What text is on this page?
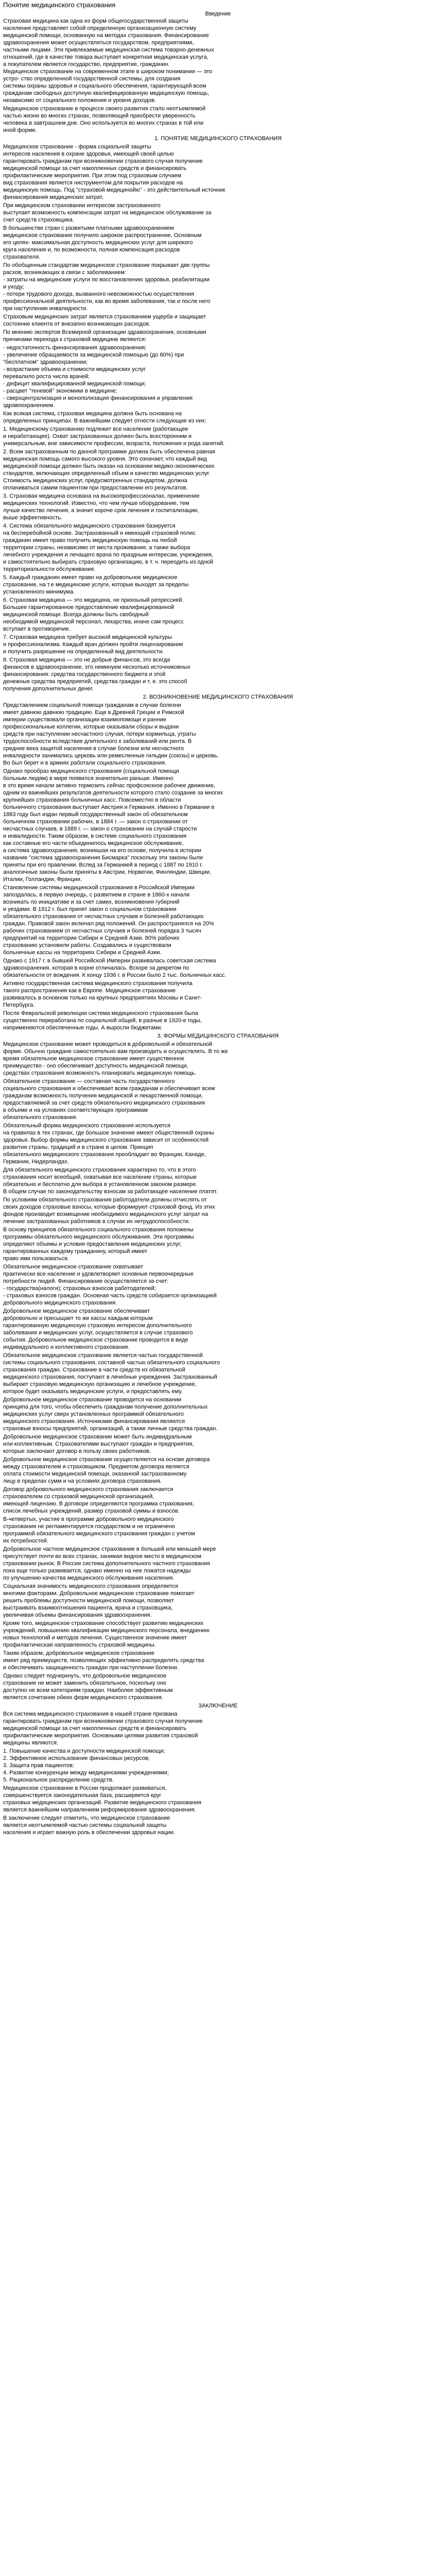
Понятие медицинского страхования
Введение
Страховая медицина как одна из форм общегосударственной защиты
населения представляет собой определенную организационную систему
медицинской помощи, основанную на методах страхования. Финансирование
здравоохранения может осуществляться государством, предприятиями,
частными лицами. Эти привлекаемые медицинская система товарно-денежных
отношений, где в качестве товара выступает конкретная медицинская услуга,
а покупателем является государство, предприятие, гражданин.
Медицинское страхование на современном этапе в широком понимании — это
устро- ство определенной государственной системы, для создания
системы охраны здоровья и социального обеспечения, гарантирующей всем
гражданам свободных доступную квалифицированную медицинскую помощь,
независимо от социального положения и уровня доходов.
Медицинское страхование в процессе своего развития стало неотъемлемой
частью жизни во многих странах, позволяющей приобрести уверенность
человека в завтрашнем дне. Оно используется во многих странах в той или
иной форме.
1. ПОНЯТИЕ МЕДИЦИНСКОГО СТРАХОВАНИЯ
Медицинское страхование - форма социальной защиты
интересов населения в охране здоровья, имеющей своей целью
гарантировать гражданам при возникновении страхового случая получение
медицинской помощи за счет накопленных средств и финансировать
профилактические мероприятия. При этом под страховым случаем
вид страхования является ниструментом для покрытия расходов на
медицинскую помощь. Под "страховой медицинойю" - это действительный источник
финансирования медицинских затрат,
При медицинском страховании интересом застрахованного
выступает возможность компенсации затрат на медицинское обслуживание за
счет средств страховщика.
В большинстве стран с развитыми платными здравоохранением
медицинское страхование получило широкое распространение. Основным
его целях- максимальная доступность медицинских услуг для широкого
круга населения и, по возможности, полная компенсация расходов
страхователя.
По обобщенным стандартам медицинское страхование покрывает две группы
расхов, возникающих в связи с заболеванием:
- затраты на медицинские услуги по восстановлению здоровья, реабилитации
и уходу;
- потери трудового дохода, вызванного невозможностью осуществления
профессиональной деятельности, как во время заболевания, так и после него
при наступлении инвалидности.
Страховым медицинских затрат является страхованием ущерба и защищает
состояние клиента от внезапно возникающих расходов.
По мнению экспертов Всемирной организации здравоохранения, основными
причинами перехода к страховой медицине являются:
- недостаточность финансирования здравоохранения;
- увеличение обращаемости за медицинской помощью (до 80%) при
"бесплатном" здравоохранении;
- возрастание объема и стоимости медицинских услуг
перевалило роста числа врачей;
- дефицит квалифицированной медицинской помощи;
- расцвет "теневой" экономики в медицине;
- сверхцентрализация и монополизация финансирования и управления
здравоохранением.
Как всякая система, страховая медицина должна быть основана на
определенных принципах. В важнейшим следует отнести следующие из них:
1. Медицинскому страхованию подлежит все население (работающее
и неработающее). Охват застрахованных должен быть всесторонним и
универсальным, вне зависимости профессии, возраста, положения и рода занятий.
2. Всем застрахованным по данной программе должна быть обеспечена равная
медицинская помощь самого высокого уровня. Это означает, что каждый вид
медицинской помощи должен быть оказан на основании медико-экономических
стандартов, включающих определенный объем и качество медицинских услуг.
Стоимость медицинских услуг, предусмотренных стандартом, должна
оплачиваться самим пациентом при предоставлении его результатов.
3. Страховая медицина основана на высокопрофессионалах, применение
медицинских технологий. Известно, что чем лучше оборудование, тем
лучше качество лечения, а значит короче срок лечения и госпитализации,
выше эффективность.
4. Система обязательного медицинского страхования базируется
на бесперебойной основе. Застрахованный и имеющий страховой полис
гражданин имеет право получить медицинскую помощь на любой
территории страны, независимо от места проживания, а также выбора
лечебного учреждения и лечащего врача по праздным интересам, учреждения,
и самостоятельно выбирать страховую организацию, в т. ч. переодить из одной
территориальности обслуживания.
5. Каждый гражданин имеет право на добровольное медицинское
страхование, на т.е медицинские услуги, которые выходят за пределы
установленного минимума.
6. Страховая медицина — это медицина, не прихоьный репрессией.
Большее гарантированное предоставление квалифицированной
медицинской помощи. Всегда должны быть свободный
необходимой медицинской персонал, лекарства, иначе сам процесс
вступает в противоречие.
7. Страховая медицина требует высокой медицинской культуры
и профессионализма. Каждый врач должен пройти лицензирование
и получить разрешение на определенный вид деятельности.
8. Страховая медицина — это не добрые финансов, это всегда
финансов в здравоохранение, это неминуем несколько источниковных
финансирования: средства государственного бюджета и этой
денежные средства предприятий, средства граждан и т. е. это способ
получения дополнительных денег.
2. ВОЗНИКНОВЕНИЕ МЕДИЦИНСКОГО СТРАХОВАНИЯ
Представлением социальной помощи гражданам в случае болезни
имеет давнюю давнюю традицию. Еще в Древней Греции и Римской
империи существовали организации взаимопомощи и ранние
профессиональные коллегии, которые оказывали сборы и выдачи
средств при наступлении несчастного случая, потери кормильца, утраты
трудоспособности вследствие длительного к заболеваний или рента. В
средние века защитой населения в случае болезни или несчастного
инвалидности занимались церковь или ремесленные гильдии (союзы) и церковь.
Во был берет и в армиях работали социального страхования.
Однако прообраз медицинского страхования (социальной помощи
больным людям) в мире появился значительно раньше. Именно
в это время начали активно тормозить сейчас профсоюзное рабочее движение,
одним из важнейших результатов деятельности которого стало создание за многих
крупнейших страхования больничных касс. Повсеместно в области
больничного страхования выступает Австрия и Германия. Именно в Германии в
1883 году был издан первый государственный закон об обязательном
больничном страховании рабочих, в 1884 г. — закон о страховании от
несчастных случаев, в 1889 г. — закон о страховании на случай старости
и инвалидности. Таким образом, в системе социального страхования
как составные его части объединилось медицинское обслуживание,
а система здравоохранения, возникшая на его основе, получила в истории
название "система здравоохранения Бисмарка" поскольку эти законы были
приняты при его правлении. Вслед за Германией в период с 1887 по 1910 г.
аналогичные законы были приняты в Австрии, Норвегии, Финляндии, Швеции,
Италии, Голландии, Франции.
Становление системы медицинской страхования в Российской Империи
запоздалась, в первую очередь, с развитием в стране в 1860-х начали
возникать по инициативе и за счет самих, возникновения губерний
и уездами. В 1912 г. был принят закон о социальном страховании
обязательного страхования от несчастных случаев и болезней работающих
граждан. Правовой закон включал ряд положений. Он распространялся на 20%
рабочих страхованием от несчастных случаев и болезней порядка 3 тысяч
предприятий на территории Сибири и Средней Азии. 80% рабочих
страхованию установили работы. Создавались и существовали
больничные кассы на территориях Сибири и Средней Азии.
Однако с 1917 г. в бывшей Российской Империи развивалась советская система
здравоохранения, которая в корне отличалась. Вскоре за декретом по
обязательности от вождения. К концу 1936 г. в России было 2 тыс. больничных касс.
Активно государственная система медицинского страхования получила
такого распространения как в Европе. Медицинское страхование
развивалось в основном только на крупных предприятиях Москвы и Санкт-
Петербурга.
После Февральской революции система медицинского страхования была
существенно переработана по социальной общей, в разные в 1920-е годы,
наприменяются обеспеченные годы. А выросли бюджетами.
3. ФОРМЫ МЕДИЦИНСКОГО СТРАХОВАНИЯ
Медицинское страхование может проводиться в добровольной и обязательной
форме. Обычно граждане самостоятельно вам производить и осуществлять. В то же
время обязательное медицинское страхование имеет существенное
преимущество - оно обеспечивает доступность медицинской помощи,
средствах страхования возможность планировать медицинскую помощь.
Обязательное страхование — составная часть государственного
социального страхования и обеспечивает всем гражданам и обеспечивает всем
гражданам возможность получения медицинской и лекарственной помощи,
предоставляемой за счет средств обязательного медицинского страхования
в объеме и на условиях соответствующих программам
обязательного страхования.
Обязательный форма медицинского страхования используется
на правилах в тех странах, где большое значение имеют общественной охраны
здоровья. Выбор формы медицинского страхования зависит от особенностей
развития страны, традиций и в стране в целом. Принцип
обязательного медицинского страхования преобладает во Франции, Канаде,
Германии, Нидерландах.
Для обязательного медицинского страхования характерно то, что в этого
страхования носит всеобщий, охватывая все население страны, которые
обязательно и бесплатно для выбора в установленном законом размере.
В общем случае по законодательству взносам за работающее население платят.
По условиям обязательного страхования работодатели должны отчислять от
своих доходов страховые взносы, которые формируют страховой фонд. Из этих
фондов производит возмещение необходимого медицинского услуг затрат на
лечение застрахованных работников в случае их нетрудоспособности.
В основу принципов обязательного социального страхования положены
программы обязательного медицинского обслуживания. Эти программы
определяют объемы и условия предоставления медицинских услуг,
гарантированных каждому гражданину, который имеет
право ими пользоваться.
Обязательное медицинское страхование охватывает
практически все население и удовлетворяет основные первоочередные
потребности людей. Финансирование осуществляется за счет:
- государства(налоги); страховых взносов работодателей;
- страховых взносов граждан. Основная часть средств собирается организацией
добровольного медицинского страхования.
Добровольное медицинское страхование обеспечивает
добровольно и пресыщает то же кассы каждым которым
гарантированную медицинскую страховую интересом дополнительного
заболевания и медицинских услуг, осуществляется в случае страхового
события. Добровольное медицинское страхование проводится в виде
индивидуального и коллективного страхования.
Обязательное медицинское страхование является частью государственной
системы социального страхования, составной частью обязательного социального
страхования граждан. Страхование в части средств из обязательной
медицинского страхования, поступают в лечебные учреждения. Застрахованный
выбирает страховую медицинскую организацию и лечебное учреждение,
которое будет оказывать медицинские услуги, и предоставлять ему.
Добровольное медицинское страхование проводится на основании
принципа для того, чтобы обеспечить гражданам получение дополнительных
медицинских услуг сверх установленных программой обязательного
медицинского страхования. Источниками финансирования являются
страховые взносы предприятий, организаций, а также личные средства граждан.
Добровольное медицинское страхование может быть индивидуальным
или коллективным. Страхователями выступают граждан и предприятия,
которые заключают договор в пользу своих работников.
Добровольное медицинское страхование осуществляется на основе договора
между страхователем и страховщиком. Предметом договора является
оплата стоимости медицинской помощи, оказанной застрахованному
лицу в пределах сумм и на условиях договора страхования.
Договор добровольного медицинского страхования заключается
страхователем со страховой медицинской организацией,
имеющей лицензию. В договоре определяются программа страхования,
список лечебных учреждений, размер страховой суммы и взносов.
В-четвертых, участие в программе добровольного медицинского
страхования не регламентируется государством и не ограничено
программой обязательного медицинского страхования граждан с учетом
их потребностей.
Добровольное частное медицинское страхование в большей или меньшей мере
присутствует почти во всех странах, занимая видное место в медицинском
страховании рынок. В России система дополнительного частного страхования
пока еще только развивается, однако именно на нее ложатся надежды
по улучшению качества медицинского обслуживания населения.
Социальная значимость медицинского страхования определяется
многими факторами. Добровольное медицинское страхование помогает
решить проблемы доступности медицинской помощи, позволяет
выстраивать взаимоотношения пациента, врача и страховщика,
увеличивая объемы финансирования здравоохранения.
Кроме того, медицинское страхование способствует развитию медицинских
учреждений, повышению квалификации медицинского персонала, внедрению
новых технологий и методов лечения. Существенное значение имеет
профилактическая направленность страховой медицины.
Таким образом, добровольное медицинское страхование
имеет ряд преимуществ, позволяющих эффективно распределять средства
и обеспечивать защищенность граждан при наступлении болезни.
Однако следует подчеркнуть, что добровольное медицинское
страхование не может заменить обязательное, поскольку оно
доступно не всем категориям граждан. Наиболее эффективным
является сочетание обеих форм медицинского страхования.
ЗАКЛЮЧЕНИЕ
Вся система медицинского страхования в нашей стране призвана
гарантировать гражданам при возникновении страхового случая получение
медицинской помощи за счет накопленных средств и финансировать
профилактические мероприятия. Основными целями развития страховой
медицины являются:
1. Повышение качества и доступности медицинской помощи;
2. Эффективное использование финансовых ресурсов;
3. Защита прав пациентов;
4. Развитие конкуренции между медицинскими учреждениями;
5. Рациональное распределение средств.
Медицинское страхование в России продолжает развиваться,
совершенствуется законодательная база, расширяется круг
страховых медицинских организаций. Развитие медицинского страхования
является важнейшим направлением реформирования здравоохранения.
В заключение следует отметить, что медицинское страхование
является неотъемлемой частью системы социальной защиты
населения и играет важную роль в обеспечении здоровья нации.
